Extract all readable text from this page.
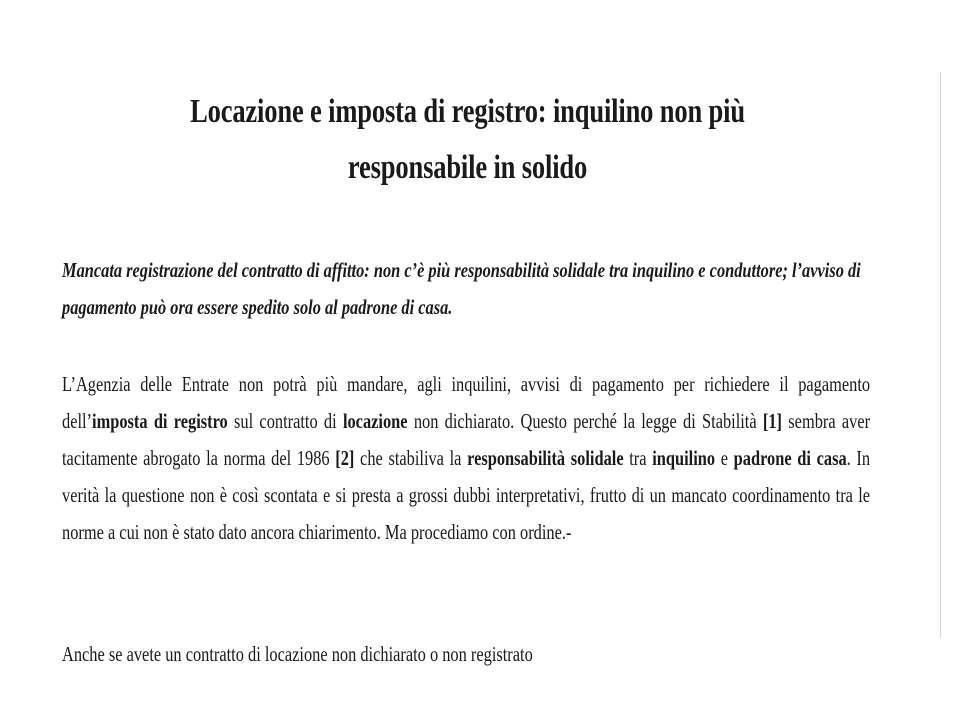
Locazione e imposta di registro: inquilino non più responsabile in solido

Mancata registrazione del contratto di affitto: non c’è più responsabilità solidale tra inquilino e conduttore; l’avviso di pagamento può ora essere spedito solo al padrone di casa.

L’Agenzia delle Entrate non potrà più mandare, agli inquilini, avvisi di pagamento per richiedere il pagamento dell’imposta di registro sul contratto di locazione non dichiarato. Questo perché la legge di Stabilità [1] sembra aver tacitamente abrogato la norma del 1986 [2] che stabiliva la responsabilità solidale tra inquilino e padrone di casa. In verità la questione non è così scontata e si presta a grossi dubbi interpretativi, frutto di un mancato coordinamento tra le norme a cui non è stato dato ancora chiarimento. Ma procediamo con ordine.-

Anche se avete un contratto di locazione non dichiarato o non registrato
